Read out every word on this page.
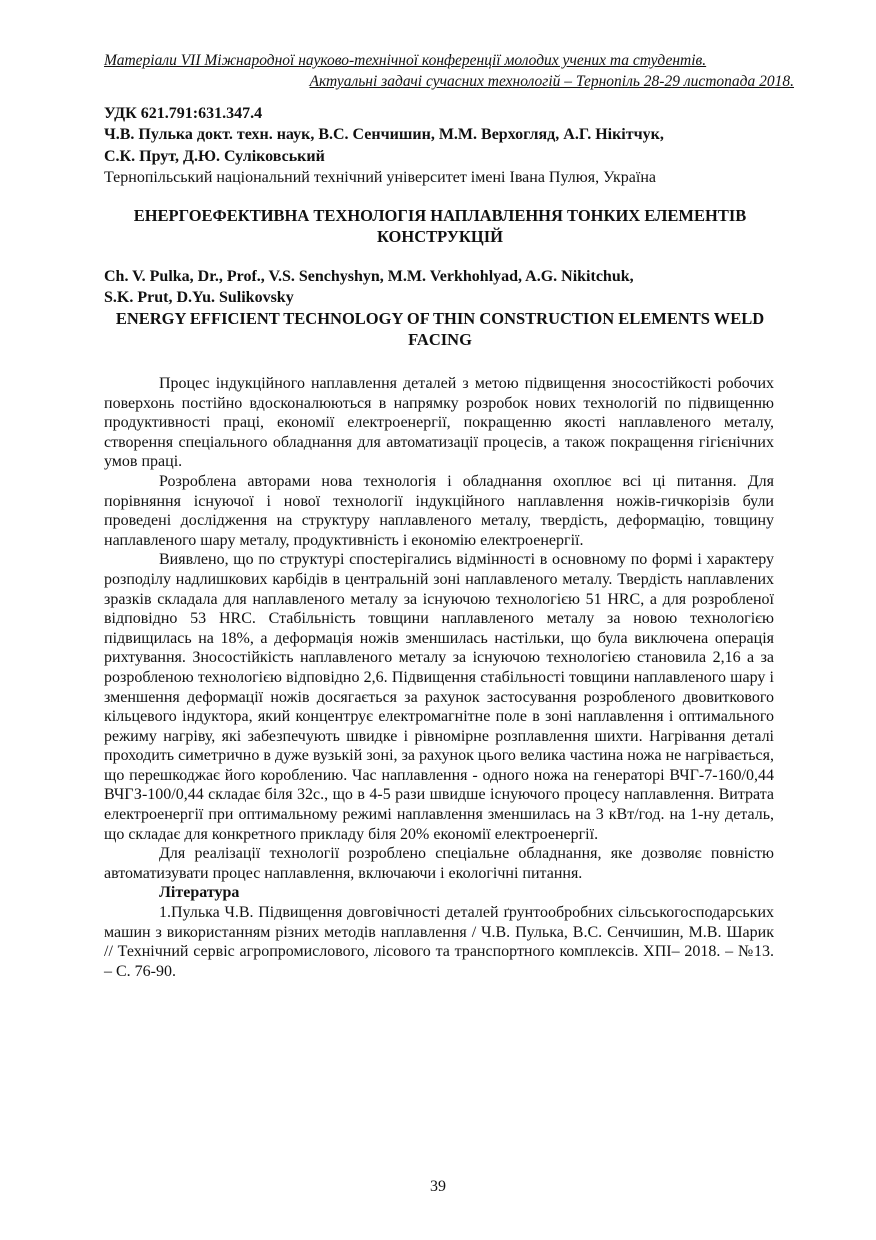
Матеріали VII Міжнародної науково-технічної конференції молодих учених та студентів.
Актуальні задачі сучасних технологій – Тернопіль 28-29 листопада 2018.
УДК 621.791:631.347.4
Ч.В. Пулька докт. техн. наук, В.С. Сенчишин, М.М. Верхогляд, А.Г. Нікітчук,
С.К. Прут, Д.Ю. Суліковський
Тернопільський національний технічний університет імені Івана Пулюя, Україна
ЕНЕРГОЕФЕКТИВНА ТЕХНОЛОГІЯ НАПЛАВЛЕННЯ ТОНКИХ ЕЛЕМЕНТІВ КОНСТРУКЦІЙ
Ch. V. Pulka, Dr., Prof., V.S. Senchyshyn, M.M. Verkhohlyad, A.G. Nikitchuk,
S.K. Prut, D.Yu. Sulikovsky
ENERGY EFFICIENT TECHNOLOGY OF THIN CONSTRUCTION ELEMENTS WELD FACING

Процес індукційного наплавлення деталей з метою підвищення зносостійкості робочих поверхонь постійно вдосконалюються в напрямку розробок нових технологій по підвищенню продуктивності праці, економії електроенергії, покращенню якості наплавленого металу, створення спеціального обладнання для автоматизації процесів, а також покращення гігієнічних умов праці.

Розроблена авторами нова технологія і обладнання охоплює всі ці питання. Для порівняння існуючої і нової технології індукційного наплавлення ножів-гичкорізів були проведені дослідження на структуру наплавленого металу, твердість, деформацію, товщину наплавленого шару металу, продуктивність і економію електроенергії.

Виявлено, що по структурі спостерігались відмінності в основному по формі і характеру розподілу надлишкових карбідів в центральній зоні наплавленого металу. Твердість наплавлених зразків складала для наплавленого металу за існуючою технологією 51 HRC, а для розробленої відповідно 53 HRC. Стабільність товщини наплавленого металу за новою технологією підвищилась на 18%, а деформація ножів зменшилась настільки, що була виключена операція рихтування. Зносостійкість наплавленого металу за існуючою технологією становила 2,16 а за розробленою технологією відповідно 2,6. Підвищення стабільності товщини наплавленого шару і зменшення деформації ножів досягається за рахунок застосування розробленого двовиткового кільцевого індуктора, який концентрує електромагнітне поле в зоні наплавлення і оптимального режиму нагріву, які забезпечують швидке і рівномірне розплавлення шихти. Нагрівання деталі проходить симетрично в дуже вузькій зоні, за рахунок цього велика частина ножа не нагрівається, що перешкоджає його короблению. Час наплавлення - одного ножа на генераторі ВЧГ-7-160/0,44 ВЧГЗ-100/0,44 складає біля 32с., що в 4-5 рази швидше існуючого процесу наплавлення. Витрата електроенергії при оптимальному режимі наплавлення зменшилась на 3 кВт/год. на 1-ну деталь, що складає для конкретного прикладу біля 20% економії електроенергії.

Для реалізації технології розроблено спеціальне обладнання, яке дозволяє повністю автоматизувати процес наплавлення, включаючи і екологічні питання.

Література

1.Пулька Ч.В. Підвищення довговічності деталей ґрунтообробних сільськогосподарських машин з використанням різних методів наплавлення / Ч.В. Пулька, В.С. Сенчишин, М.В. Шарик // Технічний сервіс агропромислового, лісового та транспортного комплексів. ХПІ– 2018. – №13. – С. 76-90.

39
